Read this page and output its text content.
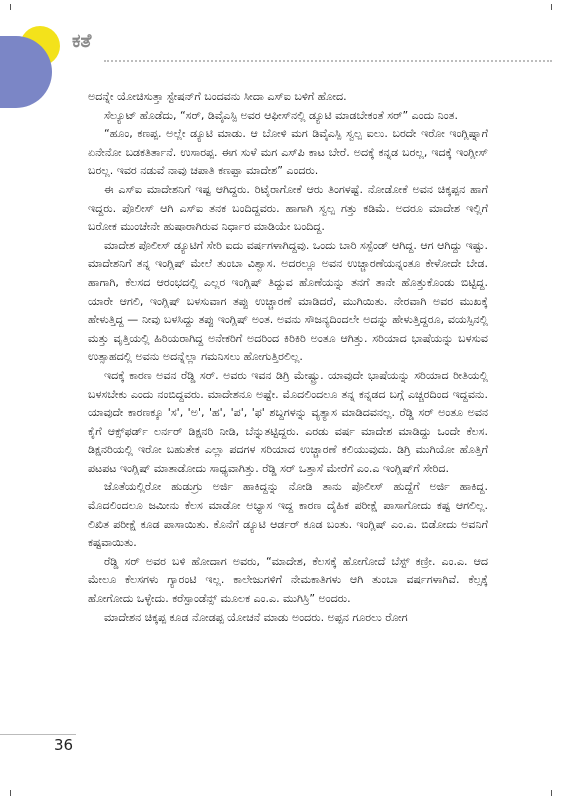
ಕತೆ

ಅದನ್ನೇ ಯೋಚಿಸುತ್ತಾ ಸ್ಟೇಷನ್‌ಗೆ ಬಂದವನು ಸೀದಾ ಎಸ್‌ಐ ಬಳಿಗೆ ಹೋದ.

ಸೆಲ್ಯೂಟ್ ಹೊಡೆದು, “ಸರ್, ಡಿವೈಎಸ್ಪಿ ಅವರ ಆಫೀಸ್‌ನಲ್ಲಿ ಡ್ಯೂಟಿ ಮಾಡಬೇಕಂತೆ ಸರ್” ಎಂದು ನಿಂತ.

“ಹೂಂ, ಕಣಪ್ಪ. ಅಲ್ಲೇ ಡ್ಯೂಟಿ ಮಾಡು. ಆ ಬೋಳಿ ಮಗ ಡಿವೈಎಸ್ಪಿ ಸ್ವಲ್ಪ ಐಲು. ಬರದೇ ಇರೋ ಇಂಗ್ಲಿಷ್ನಾಗೆ ಏನೇನೋ ಬಡಕತಿರ್ತಾನೆ. ಉಸಾರಪ್ಪ. ಈಗ ಸುಳೆ ಮಗ ಎಸ್‌ಪಿ ಕಾಟ ಬೇರೆ. ಅದಕ್ಕೆ ಕನ್ನಡ ಬರಲ್ಲ, ಇದಕ್ಕೆ ಇಂಗ್ಲೀಸ್ ಬರಲ್ಲ. ಇವರ ನಡುವೆ ನಾವು ಚಪಾತಿ ಕಣಪ್ಪಾ ಮಾದೇಶ” ಎಂದರು.

ಈ ಎಸ್‌ಐ ಮಾದೇಶನಿಗೆ ಇಷ್ಟ ಆಗಿದ್ದರು. ರಿಟೈರಾಗೋಕೆ ಆರು ತಿಂಗಳಷ್ಟೆ. ನೋಡೋಕೆ ಅವನ ಚಿಕ್ಕಪ್ಪನ ಹಾಗೆ ಇದ್ದರು. ಪೊಲೀಸ್ ಆಗಿ ಎಸ್‌ಐ ತನಕ ಬಂದಿದ್ದವರು. ಹಾಗಾಗಿ ಸ್ವಲ್ಪ ಗತ್ತು ಕಡಿಮೆ. ಅದರೂ ಮಾದೇಶ ಇಲ್ಲಿಗೆ ಬರೋಕ ಮುಂಚೇನೇ ಹುಷಾರಾಗಿರುವ ನಿರ್ಧಾರ ಮಾಡಿಯೇ ಬಂದಿದ್ದ.

ಮಾದೇಶ ಪೊಲೀಸ್ ಡ್ಯೂಟಿಗೆ ಸೇರಿ ಐದು ವರ್ಷಗಳಾಗಿದ್ದವು. ಒಂದು ಬಾರಿ ಸಸ್ಪೆಂಡ್ ಆಗಿದ್ದ. ಆಗ ಆಗಿದ್ದು ಇಷ್ಟು. ಮಾದೇಶನಿಗೆ ತನ್ನ ಇಂಗ್ಲಿಷ್ ಮೇಲೆ ತುಂಬಾ ವಿಶ್ವಾಸ. ಅದರಲ್ಲೂ ಅವನ ಉಚ್ಚಾರಣೆಯನ್ನಂತೂ ಕೇಳೋದೇ ಬೇಡ. ಹಾಗಾಗಿ, ಕೆಲಸದ ಆರಂಭದಲ್ಲಿ ಎಲ್ಲರ ಇಂಗ್ಲಿಷ್ ತಿದ್ದುವ ಹೊಣೆಯನ್ನು ತನಗೆ ತಾನೇ ಹೊತ್ತುಕೊಂಡು ಬಿಟ್ಟಿದ್ದ. ಯಾರೇ ಆಗಲಿ, ಇಂಗ್ಲಿಷ್ ಬಳಸುವಾಗ ತಪ್ಪು ಉಚ್ಚಾರಣೆ ಮಾಡಿದರೆ, ಮುಗಿಯಿತು. ನೇರವಾಗಿ ಅವರ ಮುಖಕ್ಕೆ ಹೇಳುತ್ತಿದ್ದ — ನೀವು ಬಳಸಿದ್ದು ತಪ್ಪು ಇಂಗ್ಲಿಷ್ ಅಂತ. ಅವನು ಸೌಜನ್ಯದಿಂದಲೇ ಅದನ್ನು ಹೇಳುತ್ತಿದ್ದರೂ, ವಯಸ್ಸಿನಲ್ಲಿ ಮತ್ತು ವೃತ್ತಿಯಲ್ಲಿ ಹಿರಿಯರಾಗಿದ್ದ ಅನೇಕರಿಗೆ ಅದರಿಂದ ಕಿರಿಕಿರಿ ಅಂತೂ ಆಗಿತ್ತು. ಸರಿಯಾದ ಭಾಷೆಯನ್ನು ಬಳಸುವ ಉತ್ಸಾಹದಲ್ಲಿ ಅವನು ಅದನ್ನೆಲ್ಲಾ ಗಮನಿಸಲು ಹೋಗುತ್ತಿರಲಿಲ್ಲ.

ಇದಕ್ಕೆ ಕಾರಣ ಅವನ ರೆಡ್ಡಿ ಸರ್. ಅವರು ಇವನ ಡಿಗ್ರಿ ಮೇಷ್ಟ್ರು. ಯಾವುದೇ ಭಾಷೆಯನ್ನು ಸರಿಯಾದ ರೀತಿಯಲ್ಲಿ ಬಳಸಬೇಕು ಎಂದು ನಂಬಿದ್ದವರು. ಮಾದೇಶನೂ ಅಷ್ಟೇ. ಮೊದಲಿಂದಲೂ ತನ್ನ ಕನ್ನಡದ ಬಗ್ಗೆ ಎಚ್ಚರದಿಂದ ಇದ್ದವನು. ಯಾವುದೇ ಕಾರಣಕ್ಕೂ 'ಸ', 'ಅ', 'ಹ', 'ಪ', 'ಫ' ಶಬ್ದಗಳನ್ನು ವ್ಯತ್ಯಾಸ ಮಾಡಿದವನಲ್ಲ. ರೆಡ್ಡಿ ಸರ್ ಅಂತೂ ಅವನ ಕೈಗೆ ಆಕ್ಸ್‌ಫರ್ಡ್ ಲರ್ನರ್ ಡಿಕ್ಷನರಿ ನೀಡಿ, ಬೆನ್ನುತಟ್ಟಿದ್ದರು. ಎರಡು ವರ್ಷ ಮಾದೇಶ ಮಾಡಿದ್ದು ಒಂದೇ ಕೆಲಸ. ಡಿಕ್ಷನರಿಯಲ್ಲಿ ಇರೋ ಬಹುತೇಕ ಎಲ್ಲಾ ಪದಗಳ ಸರಿಯಾದ ಉಚ್ಚಾರಣೆ ಕಲಿಯುವುದು. ಡಿಗ್ರಿ ಮುಗಿಯೋ ಹೊತ್ತಿಗೆ ಪಟಪಟ ಇಂಗ್ಲಿಷ್ ಮಾತಾಡೋದು ಸಾಧ್ಯವಾಗಿತ್ತು. ರೆಡ್ಡಿ ಸರ್ ಒತ್ತಾಸೆ ಮೇರೆಗೆ ಎಂ.ಎ ಇಂಗ್ಲಿಷ್‌ಗೆ ಸೇರಿದ.

ಜೊತೆಯಲ್ಲಿರೋ ಹುಡುಗ್ರು ಅರ್ಜಿ ಹಾಕಿದ್ದನ್ನು ನೋಡಿ ತಾನು ಪೊಲೀಸ್ ಹುದ್ದೆಗೆ ಅರ್ಜಿ ಹಾಕಿದ್ದ. ಮೊದಲಿಂದಲೂ ಜಮೀನು ಕೆಲಸ ಮಾಡೋ ಅಭ್ಯಾಸ ಇದ್ದ ಕಾರಣ ದೈಹಿಕ ಪರೀಕ್ಷೆ ಪಾಸಾಗೋದು ಕಷ್ಟ ಆಗಲಿಲ್ಲ. ಲಿಖಿತ ಪರೀಕ್ಷೆ ಕೂಡ ಪಾಸಾಯಿತು. ಕೊನೆಗೆ ಡ್ಯೂಟಿ ಆರ್ಡರ್ ಕೂಡ ಬಂತು. ಇಂಗ್ಲಿಷ್ ಎಂ.ಎ. ಬಿಡೋದು ಅವನಿಗೆ ಕಷ್ಟವಾಯಿತು.

ರೆಡ್ಡಿ ಸರ್ ಅವರ ಬಳಿ ಹೋದಾಗ ಅವರು, “ಮಾದೇಶ, ಕೆಲಸಕ್ಕೆ ಹೋಗೋದೆ ಬೆಸ್ಟ್ ಕಣ್ರೀ. ಎಂ.ಎ. ಆದ ಮೇಲೂ ಕೆಲಸಗಳು ಗ್ಯಾರಂಟಿ ಇಲ್ಲ. ಕಾಲೇಜುಗಳಿಗೆ ನೇಮಕಾತಿಗಳು ಆಗಿ ತುಂಬಾ ವರ್ಷಗಳಾಗಿವೆ. ಕೆಲ್ಸಕ್ಕೆ ಹೋಗೋದು ಒಳ್ಳೇದು. ಕರೆಸ್ಪಾಂಡೆನ್ಸ್ ಮೂಲಕ ಎಂ.ಎ. ಮುಗಿಸ್ರಿ” ಅಂದರು.

ಮಾದೇಶನ ಚಿಕ್ಕಪ್ಪ ಕೂಡ ನೋಡಪ್ಪ ಯೋಚನೆ ಮಾಡು ಅಂದರು. ಅಪ್ಪನ ಗೂರಲು ರೋಗ

36
